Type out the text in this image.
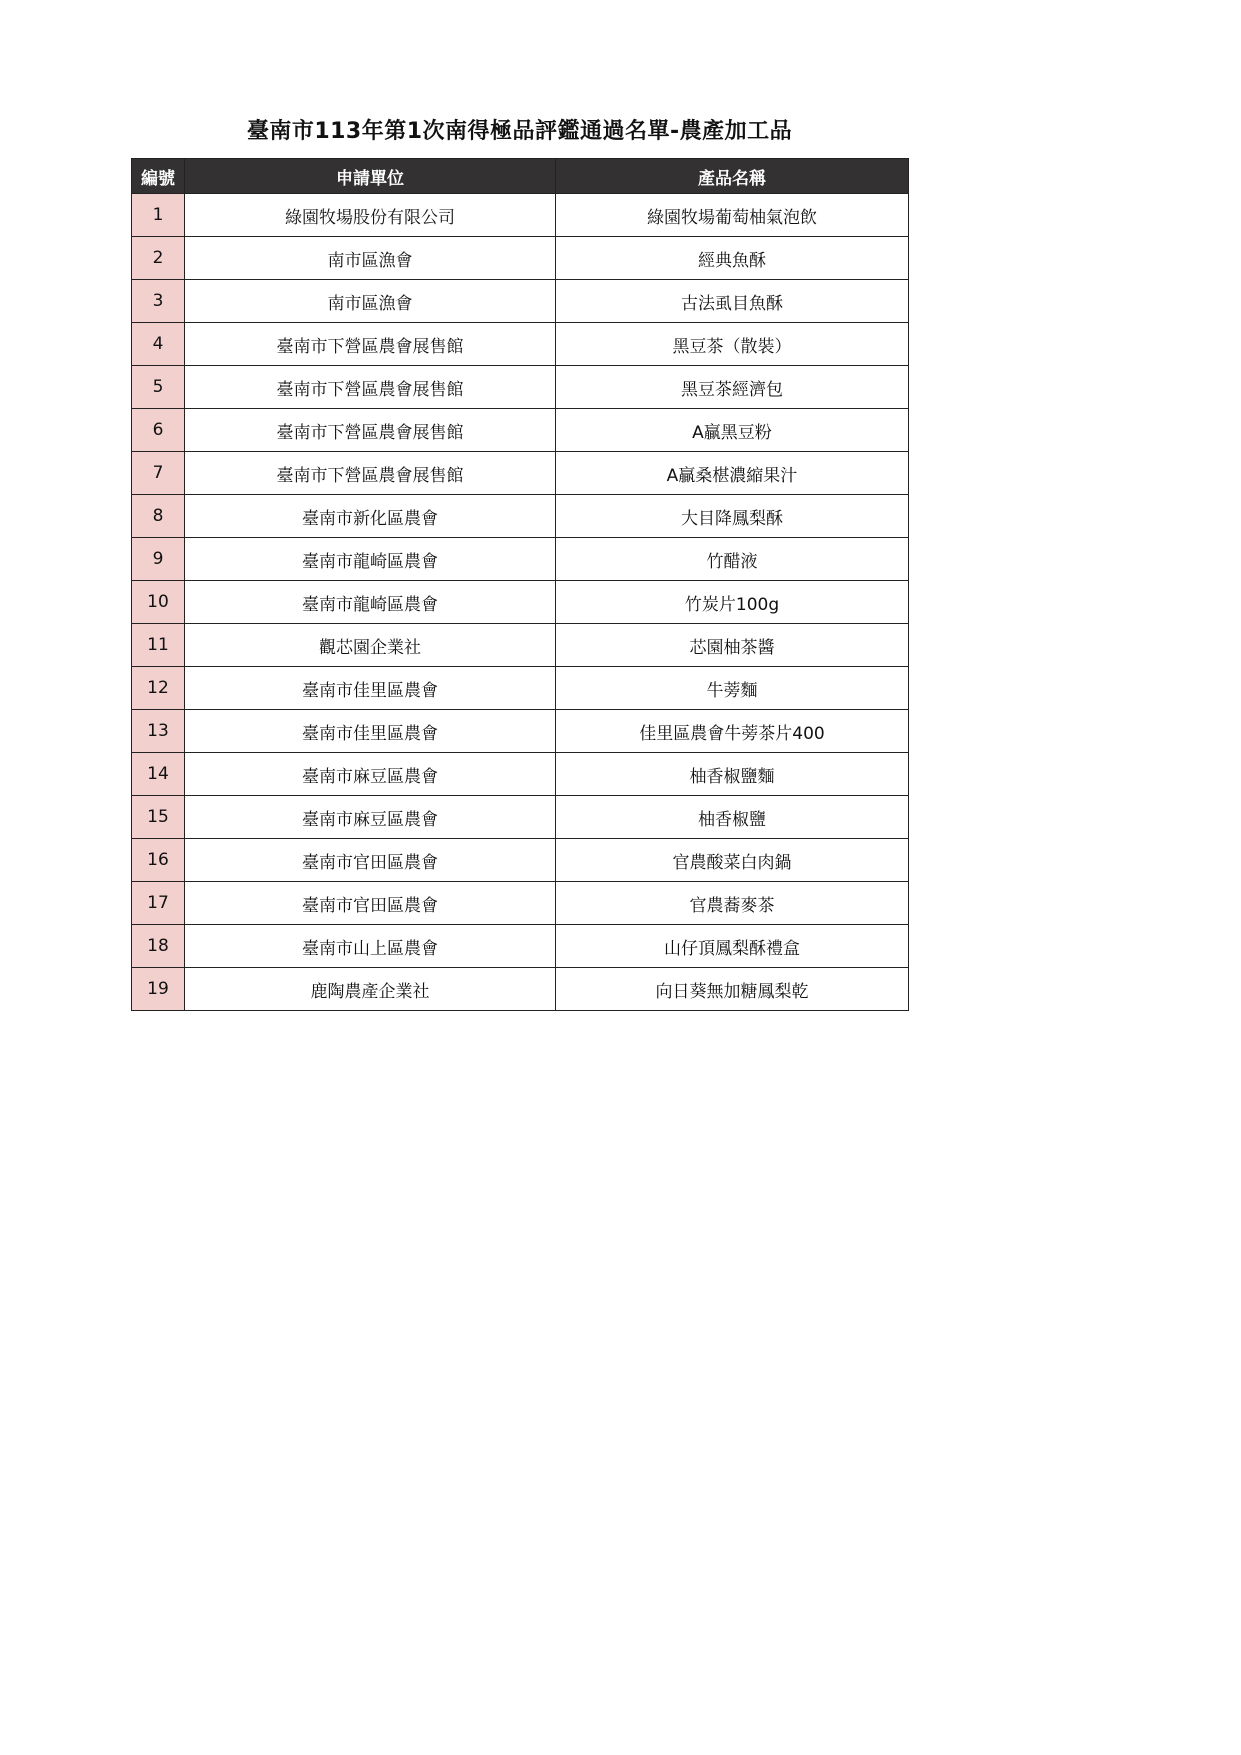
臺南市113年第1次南得極品評鑑通過名單-農產加工品
編號	申請單位	產品名稱
1	綠園牧場股份有限公司	綠園牧場葡萄柚氣泡飲
2	南市區漁會	經典魚酥
3	南市區漁會	古法虱目魚酥
4	臺南市下營區農會展售館	黑豆茶（散裝）
5	臺南市下營區農會展售館	黑豆茶經濟包
6	臺南市下營區農會展售館	A贏黑豆粉
7	臺南市下營區農會展售館	A贏桑椹濃縮果汁
8	臺南市新化區農會	大目降鳳梨酥
9	臺南市龍崎區農會	竹醋液
10	臺南市龍崎區農會	竹炭片100g
11	觀芯園企業社	芯園柚茶醬
12	臺南市佳里區農會	牛蒡麵
13	臺南市佳里區農會	佳里區農會牛蒡茶片400
14	臺南市麻豆區農會	柚香椒鹽麵
15	臺南市麻豆區農會	柚香椒鹽
16	臺南市官田區農會	官農酸菜白肉鍋
17	臺南市官田區農會	官農蕎麥茶
18	臺南市山上區農會	山仔頂鳳梨酥禮盒
19	鹿陶農產企業社	向日葵無加糖鳳梨乾
